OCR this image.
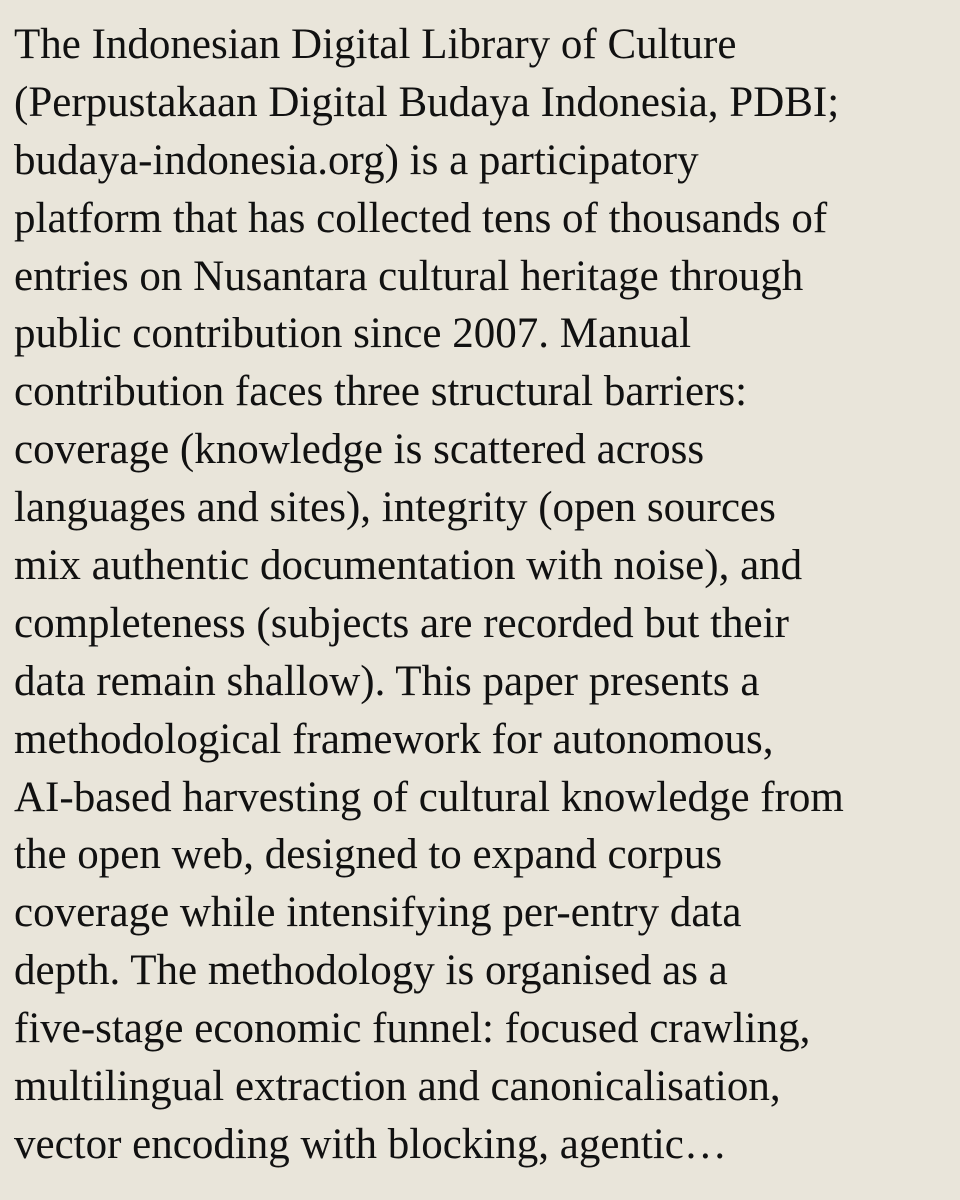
The Indonesian Digital Library of Culture
(Perpustakaan Digital Budaya Indonesia, PDBI;
budaya-indonesia.org) is a participatory
platform that has collected tens of thousands of
entries on Nusantara cultural heritage through
public contribution since 2007. Manual
contribution faces three structural barriers:
coverage (knowledge is scattered across
languages and sites), integrity (open sources
mix authentic documentation with noise), and
completeness (subjects are recorded but their
data remain shallow). This paper presents a
methodological framework for autonomous,
AI-based harvesting of cultural knowledge from
the open web, designed to expand corpus
coverage while intensifying per-entry data
depth. The methodology is organised as a
five-stage economic funnel: focused crawling,
multilingual extraction and canonicalisation,
vector encoding with blocking, agentic…
